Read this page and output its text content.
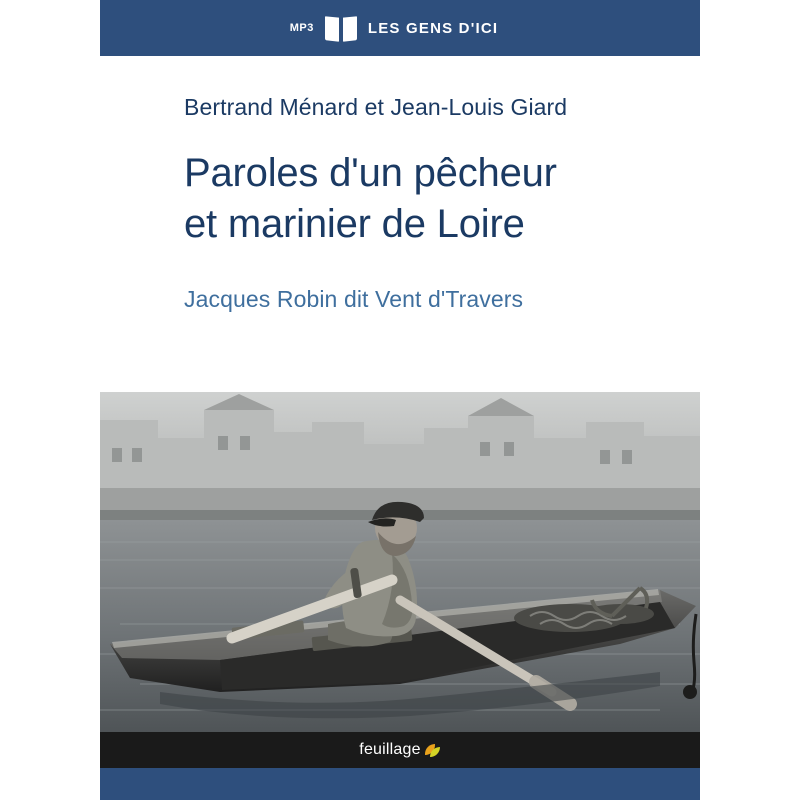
MP3	LES GENS D'ICI
Bertrand Ménard et Jean-Louis Giard
Paroles d'un pêcheur
et marinier de Loire
Jacques Robin dit Vent d'Travers
feuillage
